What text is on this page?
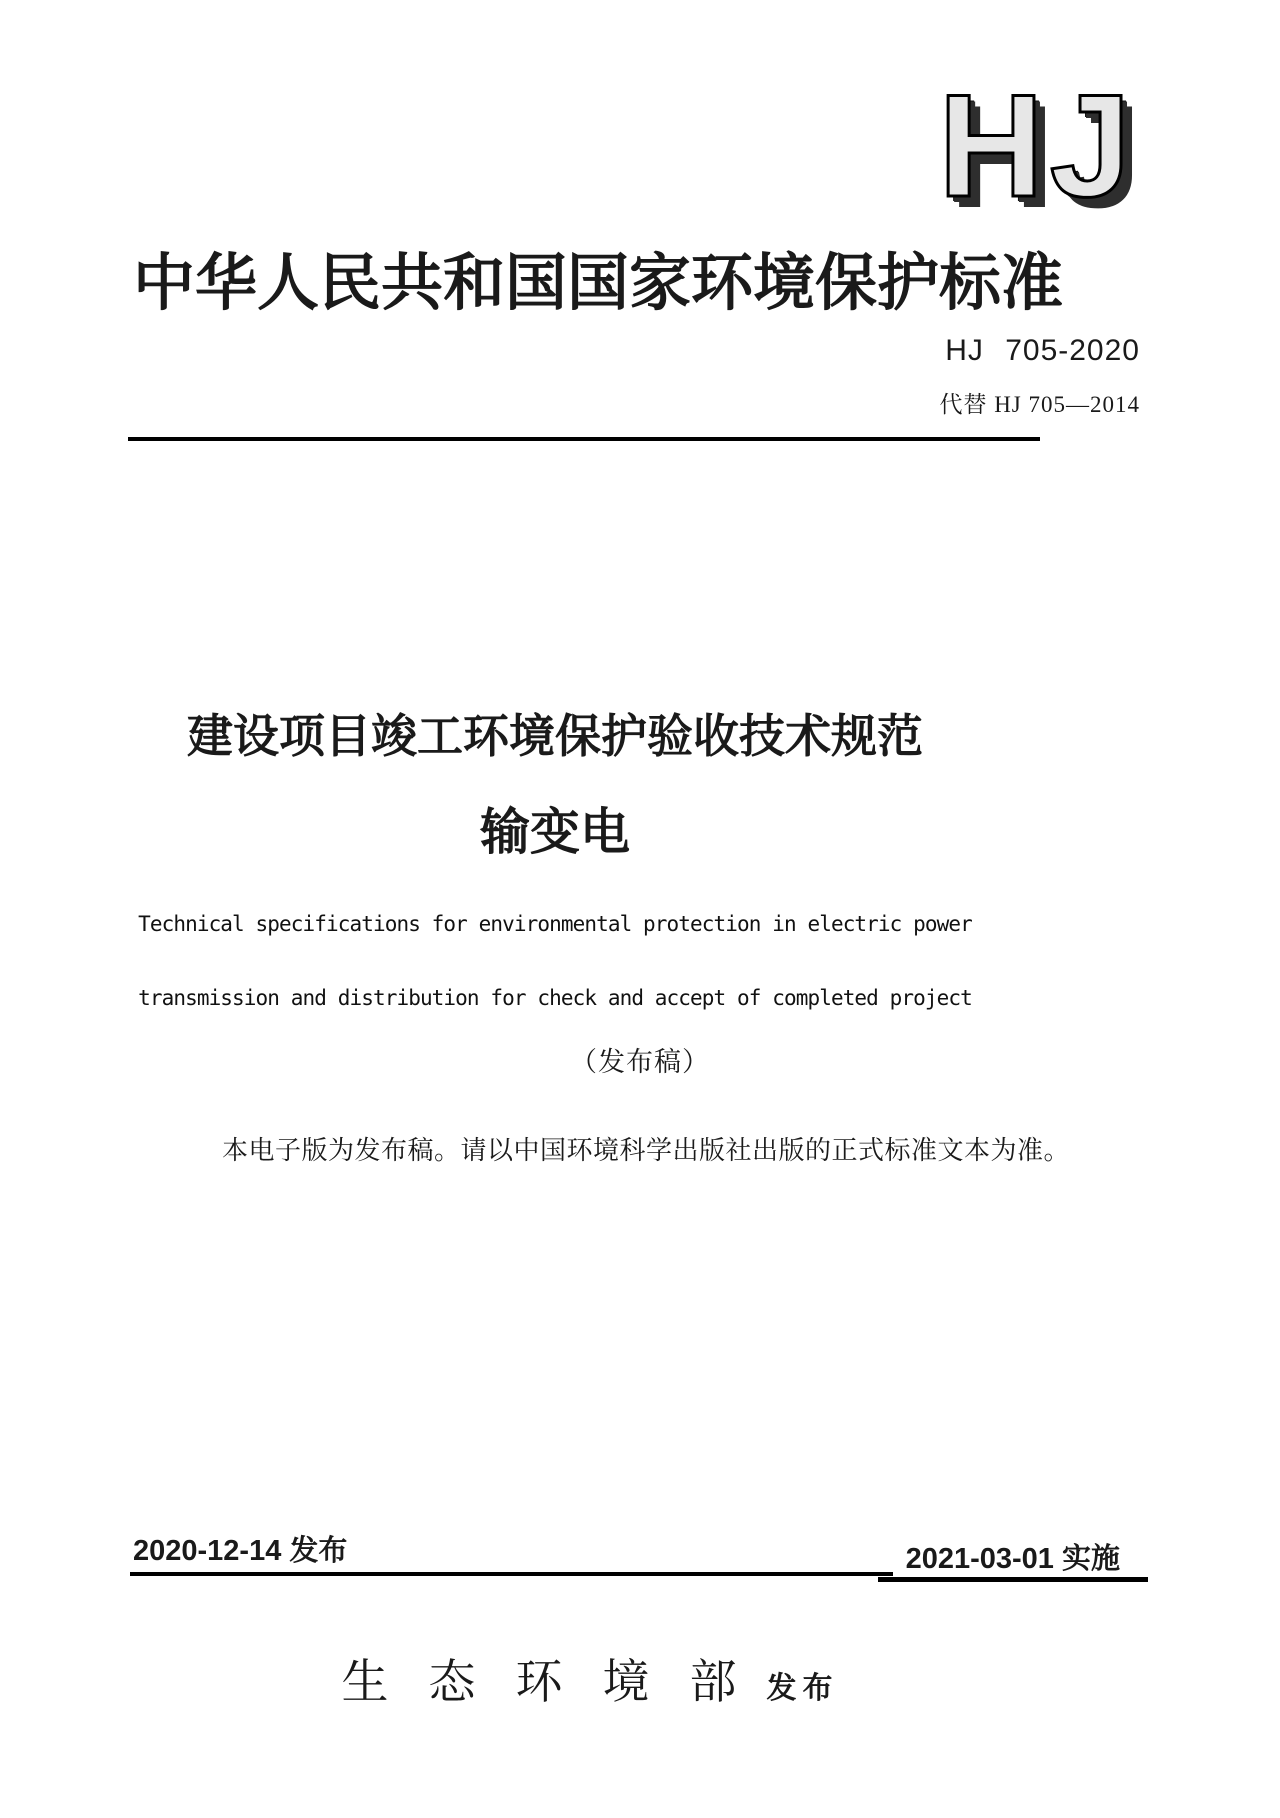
HJ HJ
中华人民共和国国家环境保护标准
HJ 705-2020
代替 HJ 705—2014
建设项目竣工环境保护验收技术规范
输变电
Technical specifications for environmental protection in electric power
transmission and distribution for check and accept of completed project
（发布稿）
本电子版为发布稿。请以中国环境科学出版社出版的正式标准文本为准。
2020-12-14 发布	2021-03-01 实施
生态环境部发布
